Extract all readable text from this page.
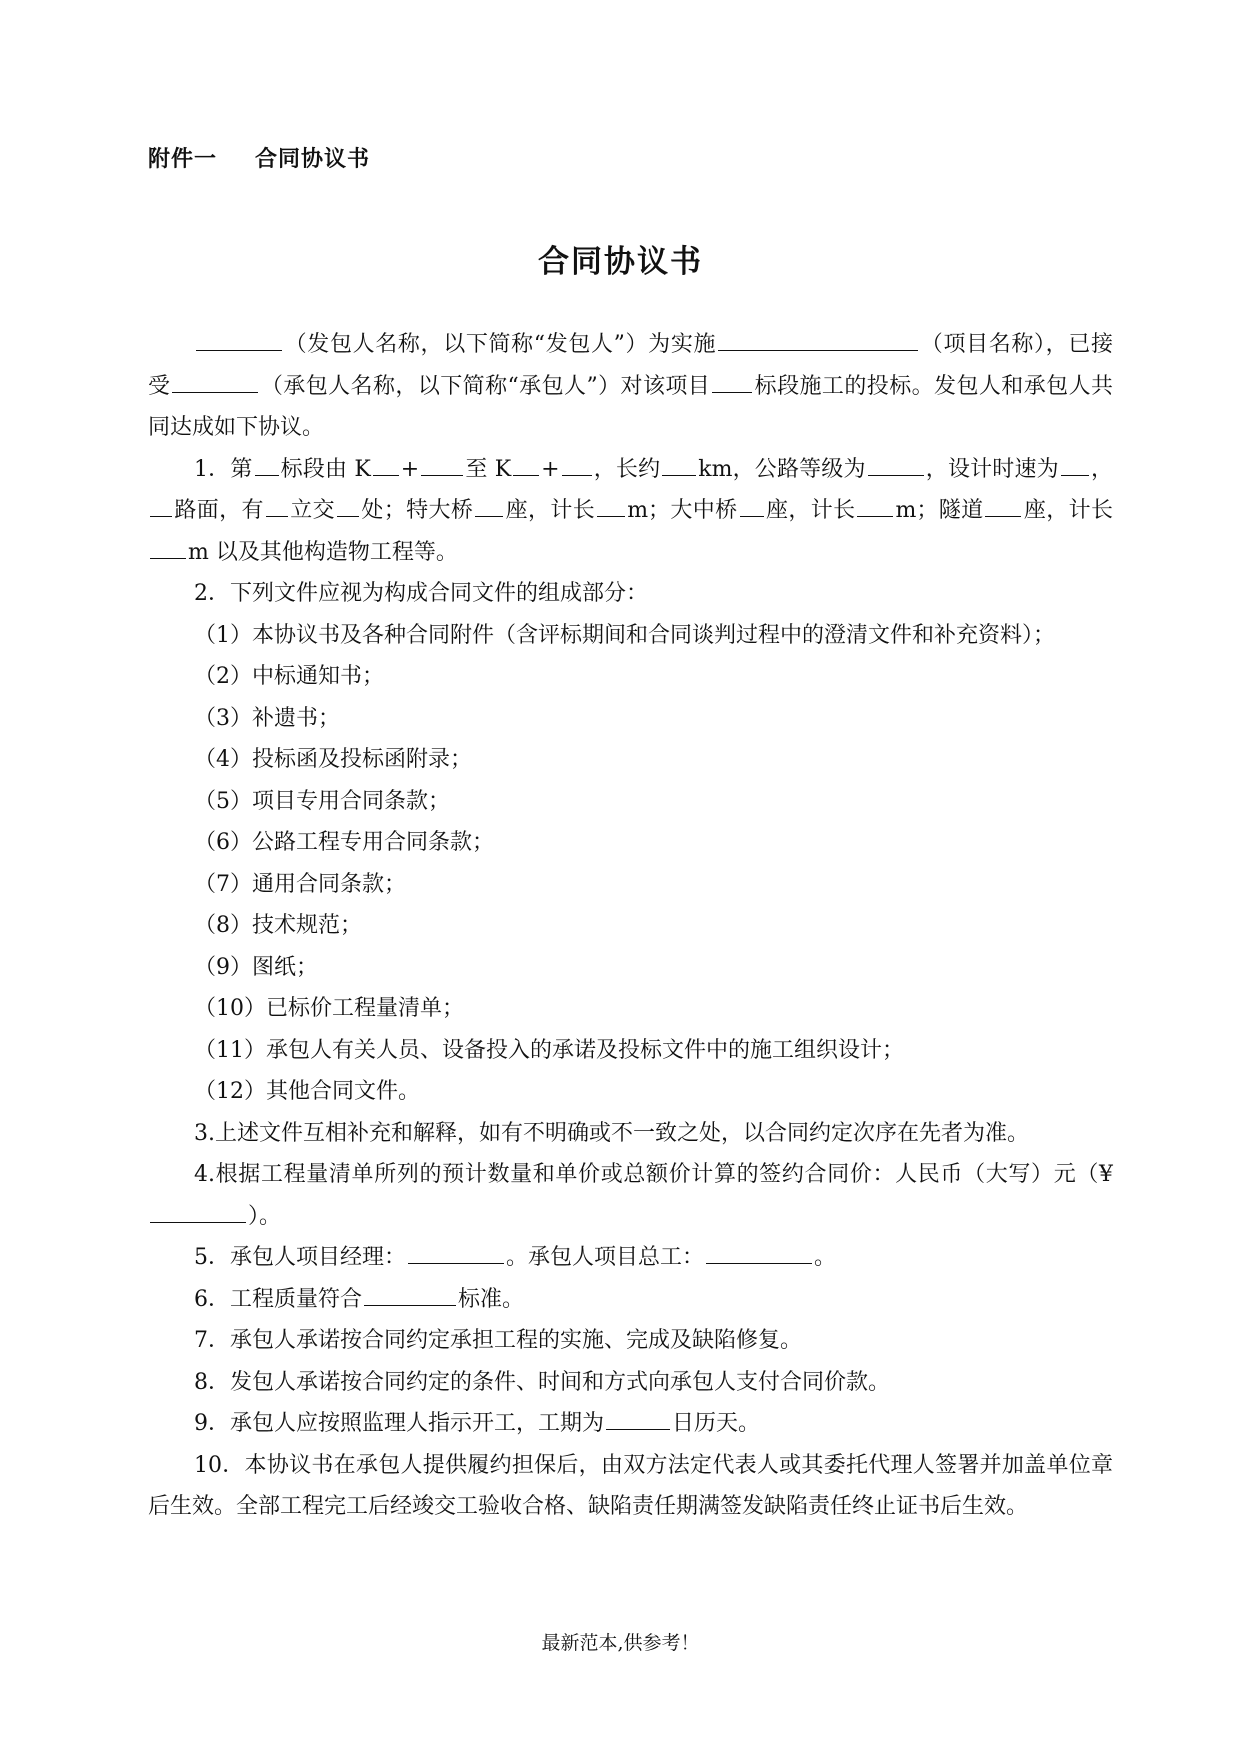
附件一 合同协议书
合同协议书
（发包人名称，以下简称“发包人”）为实施	（项目名称），已接受	（承包人名称，以下简称“承包人”）对该项目 标段施工的投标。发包人和承包人共同达成如下协议。
1．第 标段由 K + 至 K + ，长约 km，公路等级为	，设计时速为 ，路面，有 立交 处；特大桥 座，计长 m；大中桥 座，计长 m；隧道 座，计长m 以及其他构造物工程等。
2．下列文件应视为构成合同文件的组成部分：
（1）本协议书及各种合同附件（含评标期间和合同谈判过程中的澄清文件和补充资料）；
（2）中标通知书；
（3）补遗书；
（4）投标函及投标函附录；
（5）项目专用合同条款；
（6）公路工程专用合同条款；
（7）通用合同条款；
（8）技术规范；
（9）图纸；
（10）已标价工程量清单；
（11）承包人有关人员、设备投入的承诺及投标文件中的施工组织设计；
（12）其他合同文件。
3.上述文件互相补充和解释，如有不明确或不一致之处，以合同约定次序在先者为准。
4.根据工程量清单所列的预计数量和单价或总额价计算的签约合同价：人民币（大写）元（¥）。
5．承包人项目经理：	。承包人项目总工：	。
6．工程质量符合	标准。
7．承包人承诺按合同约定承担工程的实施、完成及缺陷修复。
8．发包人承诺按合同约定的条件、时间和方式向承包人支付合同价款。
9．承包人应按照监理人指示开工，工期为	日历天。
10．本协议书在承包人提供履约担保后，由双方法定代表人或其委托代理人签署并加盖单位章后生效。全部工程完工后经竣交工验收合格、缺陷责任期满签发缺陷责任终止证书后生效。
最新范本,供参考！
